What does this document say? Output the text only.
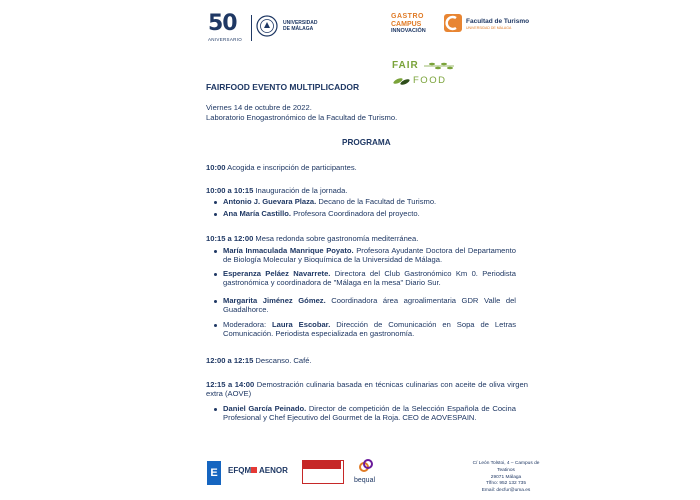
50
ANIVERSARIO
UNIVERSIDAD
DE MÁLAGA
GASTRO
CAMPUS
INNOVACIÓN
Facultad de Turismo
UNIVERSIDAD DE MÁLAGA
FAIR
FOOD
FAIRFOOD EVENTO MULTIPLICADOR
Viernes 14 de octubre de 2022.
Laboratorio Enogastronómico de la Facultad de Turismo.
PROGRAMA
10:00 Acogida e inscripción de participantes.
10:00 a 10:15 Inauguración de la jornada.
Antonio J. Guevara Plaza. Decano de la Facultad de Turismo.
Ana María Castillo. Profesora Coordinadora del proyecto.
10:15 a 12:00 Mesa redonda sobre gastronomía mediterránea.
María Inmaculada Manrique Poyato. Profesora Ayudante Doctora del Departamento de Biología Molecular y Bioquímica de la Universidad de Málaga.
Esperanza Peláez Navarrete. Directora del Club Gastronómico Km 0. Periodista gastronómica y coordinadora de "Málaga en la mesa" Diario Sur.
Margarita Jiménez Gómez. Coordinadora área agroalimentaria GDR Valle del Guadalhorce.
Moderadora: Laura Escobar. Dirección de Comunicación en Sopa de Letras Comunicación. Periodista especializada en gastronomía.
12:00 a 12:15 Descanso. Café.
12:15 a 14:00 Demostración culinaria basada en técnicas culinarias con aceite de oliva virgen extra (AOVE)
Daniel García Peinado. Director de competición de la Selección Española de Cocina Profesional y Chef Ejecutivo del Gourmet de la Roja. CEO de AOVESPAIN.
E	EFQM AENOR
bequal
C/ León Tolstoi, 4 – Campus de Teatinos
29071 Málaga
Tlfno: 952 132 735
Email: decfur@uma.es
